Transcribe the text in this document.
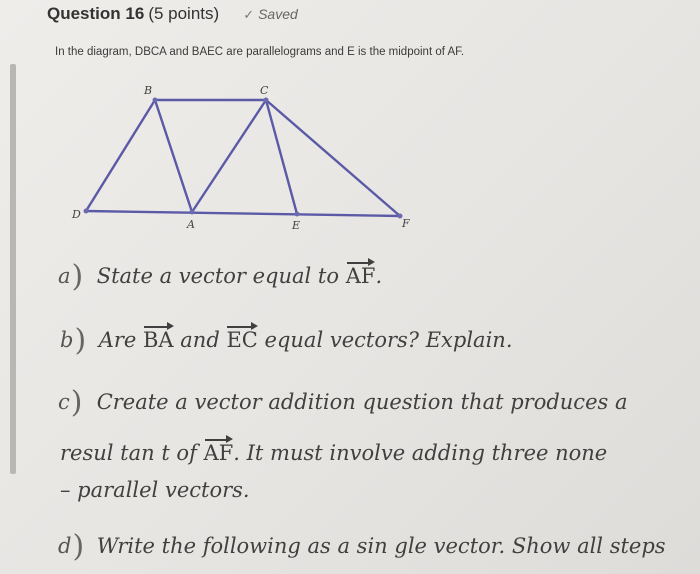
Question 16 (5 points) ✓ Saved
In the diagram, DBCA and BAEC are parallelograms and E is the midpoint of AF.
B	C
D
A	E	F
a) State a vector equal to AF.
b) Are BA and EC equal vectors? Explain.
c) Create a vector addition question that produces a
resul tan t of AF. It must involve adding three none
– parallel vectors.
d) Write the following as a sin gle vector. Show all steps
